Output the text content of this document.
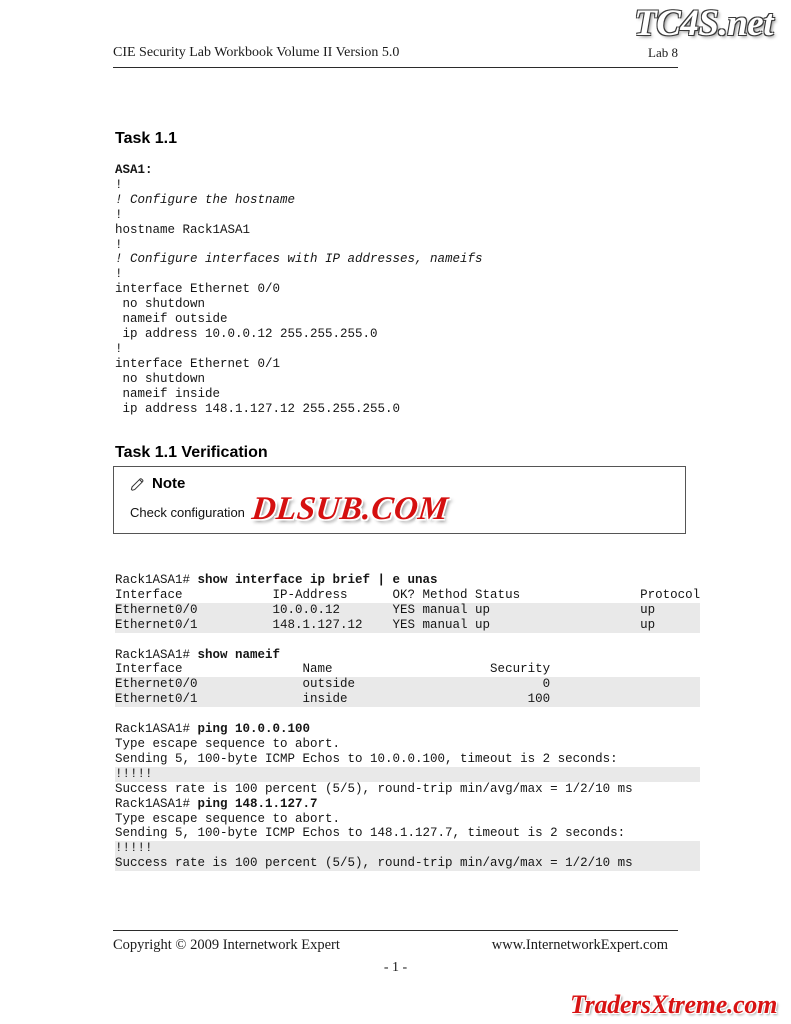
TC4S.net
CIE Security Lab Workbook Volume II Version 5.0	Lab 8
Task 1.1
ASA1:
!
! Configure the hostname
!
hostname Rack1ASA1
!
! Configure interfaces with IP addresses, nameifs
!
interface Ethernet 0/0
no shutdown
nameif outside
ip address 10.0.0.12 255.255.255.0
!
interface Ethernet 0/1
no shutdown
nameif inside
ip address 148.1.127.12 255.255.255.0
Task 1.1 Verification
Note
Check configuration DLSUB.COM
Rack1ASA1# show interface ip brief | e unas
Interface            IP-Address      OK? Method Status                Protocol
Ethernet0/0          10.0.0.12       YES manual up                    up
Ethernet0/1          148.1.127.12    YES manual up                    up

Rack1ASA1# show nameif
Interface                Name                     Security
Ethernet0/0              outside                         0
Ethernet0/1              inside                        100

Rack1ASA1# ping 10.0.0.100
Type escape sequence to abort.
Sending 5, 100-byte ICMP Echos to 10.0.0.100, timeout is 2 seconds:
!!!!!
Success rate is 100 percent (5/5), round-trip min/avg/max = 1/2/10 ms
Rack1ASA1# ping 148.1.127.7
Type escape sequence to abort.
Sending 5, 100-byte ICMP Echos to 148.1.127.7, timeout is 2 seconds:
!!!!!
Success rate is 100 percent (5/5), round-trip min/avg/max = 1/2/10 ms
Copyright © 2009 Internetwork Expert	www.InternetworkExpert.com
- 1 -
TradersXtreme.com
